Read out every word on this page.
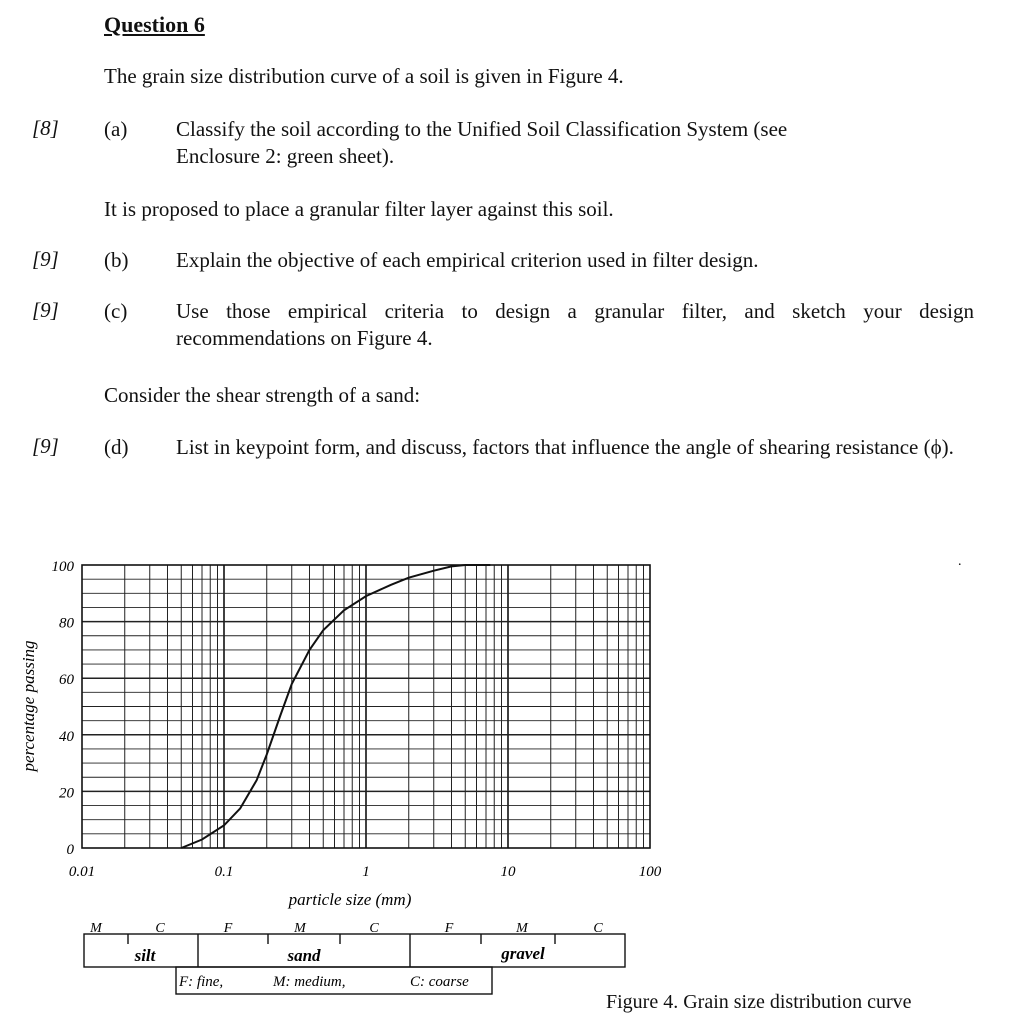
Question 6
The grain size distribution curve of a soil is given in Figure 4.
[8] (a) Classify the soil according to the Unified Soil Classification System (see Enclosure 2: green sheet).
It is proposed to place a granular filter layer against this soil.
[9] (b) Explain the objective of each empirical criterion used in filter design.
[9] (c) Use those empirical criteria to design a granular filter, and sketch your design recommendations on Figure 4.
Consider the shear strength of a sand:
[9] (d) List in keypoint form, and discuss, factors that influence the angle of shearing resistance (ϕ).
0
20
40
60
80
100
0.01	0.1	1	10	100
percentage passing
particle size (mm)
M	C	F	M	C	F	M	C
silt	sand	gravel
F: fine,	M: medium,	C: coarse
.
Figure 4. Grain size distribution curve
